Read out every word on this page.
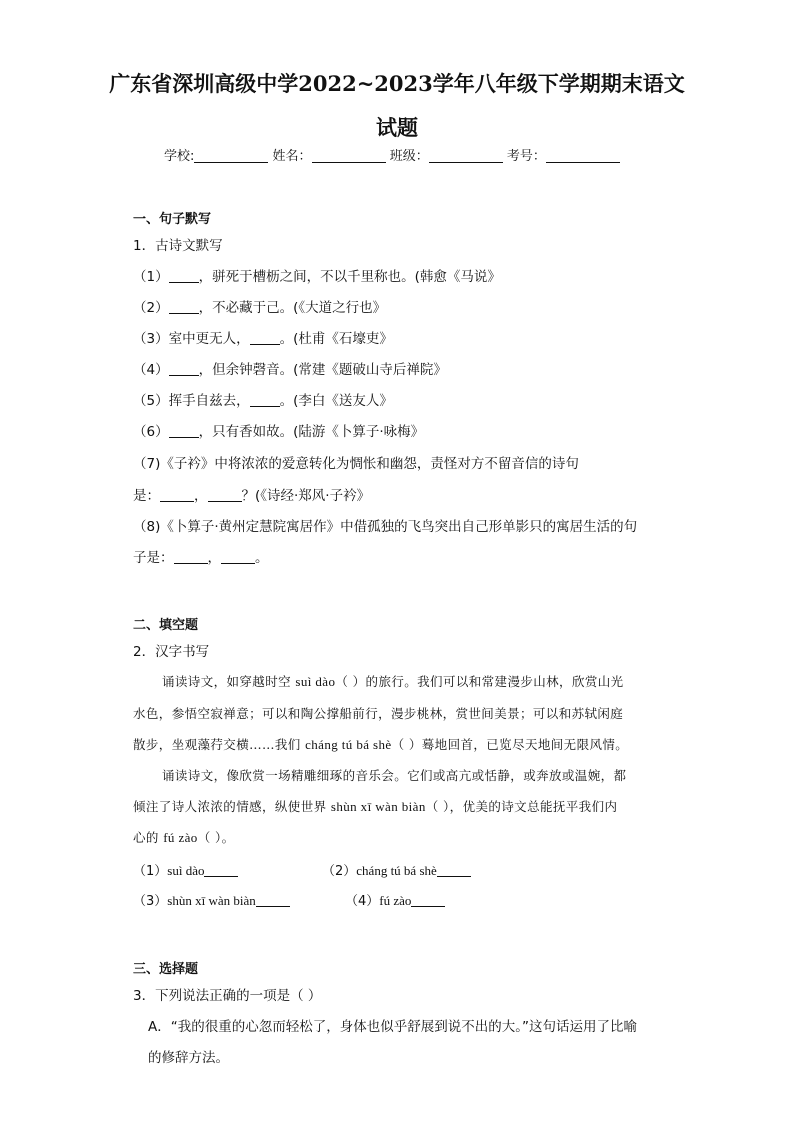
广东省深圳高级中学2022~2023学年八年级下学期期末语文
试题
学校:	姓名：	班级：	考号：
一、句子默写
1．古诗文默写
（1） ，骈死于槽枥之间，不以千里称也。(韩愈《马说》
（2） ，不必藏于己。(《大道之行也》
（3）室中更无人， 。(杜甫《石壕吏》
（4） ，但余钟磬音。(常建《题破山寺后禅院》
（5）挥手自兹去， 。(李白《送友人》
（6） ，只有香如故。(陆游《卜算子·咏梅》
（7)《子衿》中将浓浓的爱意转化为惆怅和幽怨，责怪对方不留音信的诗句
是：	，	？(《诗经·郑风·子衿》
（8)《卜算子·黄州定慧院寓居作》中借孤独的飞鸟突出自己形单影只的寓居生活的句
子是：	，	。
二、填空题
2．汉字书写
诵读诗文，如穿越时空 suì dào（ ）的旅行。我们可以和常建漫步山林，欣赏山光
水色，参悟空寂禅意；可以和陶公撑船前行，漫步桃林，赏世间美景；可以和苏轼闲庭
散步，坐观藻荇交横……我们 cháng tú bá shè（ ）蓦地回首，已览尽天地间无限风情。
诵读诗文，像欣赏一场精雕细琢的音乐会。它们或高亢或恬静，或奔放或温婉，都
倾注了诗人浓浓的情感，纵使世界 shùn xī wàn biàn（ ），优美的诗文总能抚平我们内
心的 fú zào（ ）。
（1）suì dào	（2）cháng tú bá shè
（3）shùn xī wàn biàn	（4）fú zào
三、选择题
3．下列说法正确的一项是（ ）
A．“我的很重的心忽而轻松了，身体也似乎舒展到说不出的大。”这句话运用了比喻
的修辞方法。
